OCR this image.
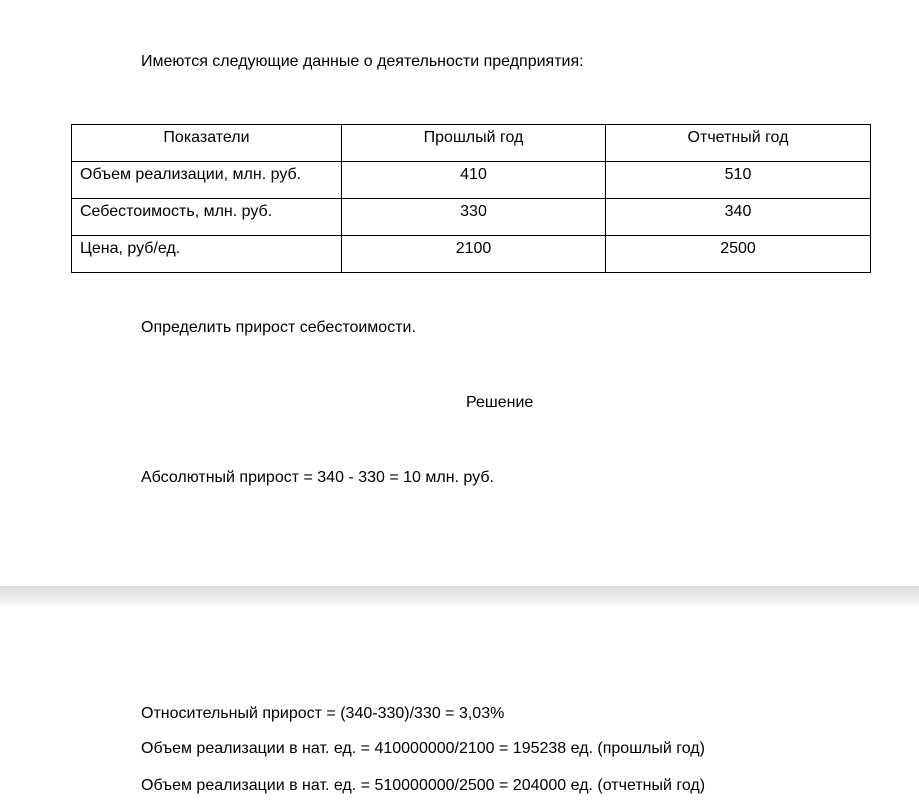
Имеются следующие данные о деятельности предприятия:
Показатели	Прошлый год	Отчетный год
Объем реализации, млн. руб.	410	510
Себестоимость, млн. руб.	330	340
Цена, руб/ед.	2100	2500
Определить прирост себестоимости.
Решение
Абсолютный прирост = 340 - 330 = 10 млн. руб.
Относительный прирост = (340-330)/330 = 3,03%
Объем реализации в нат. ед. = 410000000/2100 = 195238 ед. (прошлый год)
Объем реализации в нат. ед. = 510000000/2500 = 204000 ед. (отчетный год)
